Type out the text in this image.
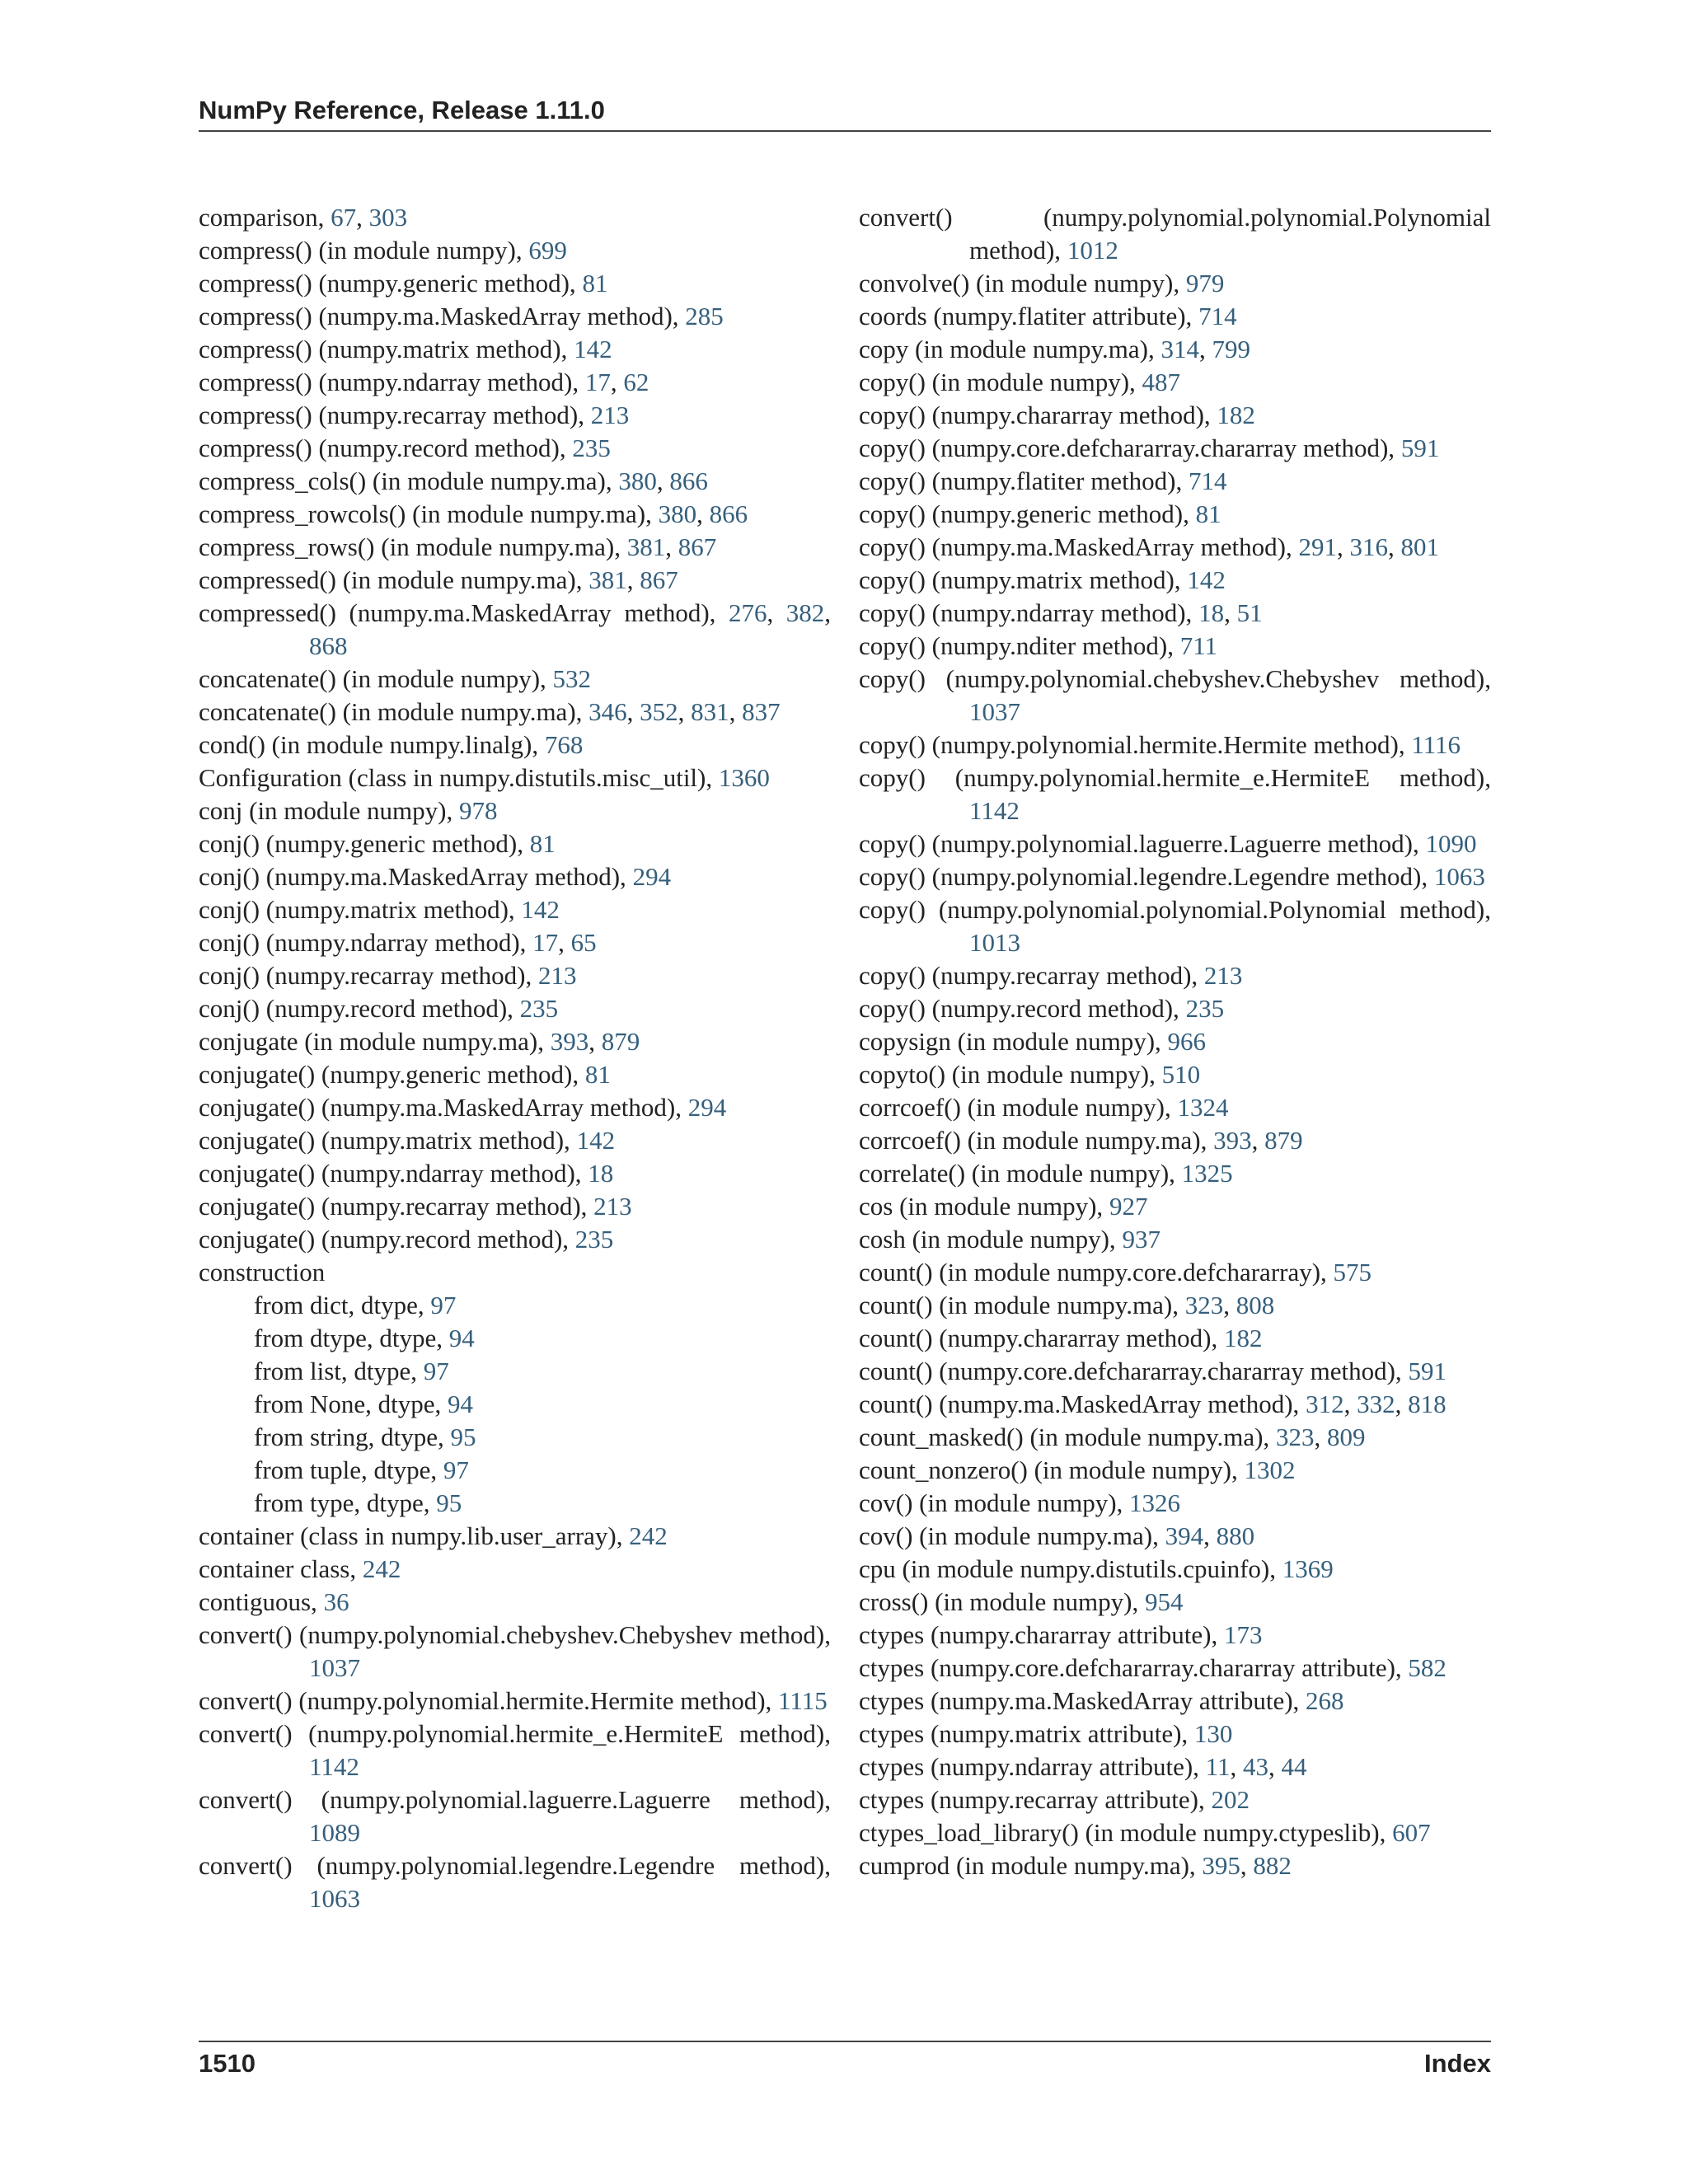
NumPy Reference, Release 1.11.0
comparison, 67, 303
compress() (in module numpy), 699
compress() (numpy.generic method), 81
compress() (numpy.ma.MaskedArray method), 285
compress() (numpy.matrix method), 142
compress() (numpy.ndarray method), 17, 62
compress() (numpy.recarray method), 213
compress() (numpy.record method), 235
compress_cols() (in module numpy.ma), 380, 866
compress_rowcols() (in module numpy.ma), 380, 866
compress_rows() (in module numpy.ma), 381, 867
compressed() (in module numpy.ma), 381, 867
compressed() (numpy.ma.MaskedArray method), 276, 382, 868
concatenate() (in module numpy), 532
concatenate() (in module numpy.ma), 346, 352, 831, 837
cond() (in module numpy.linalg), 768
Configuration (class in numpy.distutils.misc_util), 1360
conj (in module numpy), 978
conj() (numpy.generic method), 81
conj() (numpy.ma.MaskedArray method), 294
conj() (numpy.matrix method), 142
conj() (numpy.ndarray method), 17, 65
conj() (numpy.recarray method), 213
conj() (numpy.record method), 235
conjugate (in module numpy.ma), 393, 879
conjugate() (numpy.generic method), 81
conjugate() (numpy.ma.MaskedArray method), 294
conjugate() (numpy.matrix method), 142
conjugate() (numpy.ndarray method), 18
conjugate() (numpy.recarray method), 213
conjugate() (numpy.record method), 235
construction
from dict, dtype, 97
from dtype, dtype, 94
from list, dtype, 97
from None, dtype, 94
from string, dtype, 95
from tuple, dtype, 97
from type, dtype, 95
container (class in numpy.lib.user_array), 242
container class, 242
contiguous, 36
convert() (numpy.polynomial.chebyshev.Chebyshev method), 1037
convert() (numpy.polynomial.hermite.Hermite method), 1115
convert() (numpy.polynomial.hermite_e.HermiteE method), 1142
convert() (numpy.polynomial.laguerre.Laguerre method), 1089
convert() (numpy.polynomial.legendre.Legendre method), 1063
convert() (numpy.polynomial.polynomial.Polynomial method), 1012
convolve() (in module numpy), 979
coords (numpy.flatiter attribute), 714
copy (in module numpy.ma), 314, 799
copy() (in module numpy), 487
copy() (numpy.chararray method), 182
copy() (numpy.core.defchararray.chararray method), 591
copy() (numpy.flatiter method), 714
copy() (numpy.generic method), 81
copy() (numpy.ma.MaskedArray method), 291, 316, 801
copy() (numpy.matrix method), 142
copy() (numpy.ndarray method), 18, 51
copy() (numpy.nditer method), 711
copy() (numpy.polynomial.chebyshev.Chebyshev method), 1037
copy() (numpy.polynomial.hermite.Hermite method), 1116
copy() (numpy.polynomial.hermite_e.HermiteE method), 1142
copy() (numpy.polynomial.laguerre.Laguerre method), 1090
copy() (numpy.polynomial.legendre.Legendre method), 1063
copy() (numpy.polynomial.polynomial.Polynomial method), 1013
copy() (numpy.recarray method), 213
copy() (numpy.record method), 235
copysign (in module numpy), 966
copyto() (in module numpy), 510
corrcoef() (in module numpy), 1324
corrcoef() (in module numpy.ma), 393, 879
correlate() (in module numpy), 1325
cos (in module numpy), 927
cosh (in module numpy), 937
count() (in module numpy.core.defchararray), 575
count() (in module numpy.ma), 323, 808
count() (numpy.chararray method), 182
count() (numpy.core.defchararray.chararray method), 591
count() (numpy.ma.MaskedArray method), 312, 332, 818
count_masked() (in module numpy.ma), 323, 809
count_nonzero() (in module numpy), 1302
cov() (in module numpy), 1326
cov() (in module numpy.ma), 394, 880
cpu (in module numpy.distutils.cpuinfo), 1369
cross() (in module numpy), 954
ctypes (numpy.chararray attribute), 173
ctypes (numpy.core.defchararray.chararray attribute), 582
ctypes (numpy.ma.MaskedArray attribute), 268
ctypes (numpy.matrix attribute), 130
ctypes (numpy.ndarray attribute), 11, 43, 44
ctypes (numpy.recarray attribute), 202
ctypes_load_library() (in module numpy.ctypeslib), 607
cumprod (in module numpy.ma), 395, 882
1510	Index
